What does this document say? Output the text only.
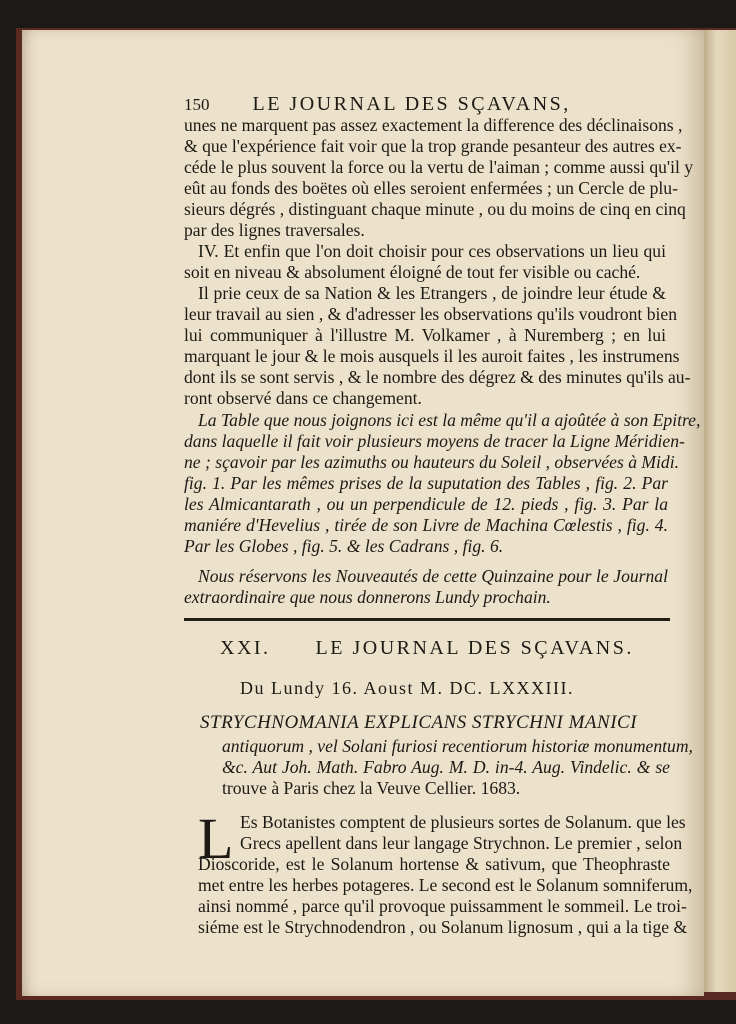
150 LE JOURNAL DES SÇAVANS,
unes ne marquent pas assez exactement la difference des déclinaisons ,
& que l'expérience fait voir que la trop grande pesanteur des autres ex-
céde le plus souvent la force ou la vertu de l'aiman ; comme aussi qu'il y
eût au fonds des boëtes où elles seroient enfermées ; un Cercle de plu-
sieurs dégrés , distinguant chaque minute , ou du moins de cinq en cinq
par des lignes traversales.
IV. Et enfin que l'on doit choisir pour ces observations un lieu qui
soit en niveau & absolument éloigné de tout fer visible ou caché.
Il prie ceux de sa Nation & les Etrangers , de joindre leur étude &
leur travail au sien , & d'adresser les observations qu'ils voudront bien
lui communiquer à l'illustre M. Volkamer , à Nuremberg ; en lui
marquant le jour & le mois ausquels il les auroit faites , les instrumens
dont ils se sont servis , & le nombre des dégrez & des minutes qu'ils au-
ront observé dans ce changement.
La Table que nous joignons ici est la même qu'il a ajoûtée à son Epitre,
dans laquelle il fait voir plusieurs moyens de tracer la Ligne Méridien-
ne ; sçavoir par les azimuths ou hauteurs du Soleil , observées à Midi.
fig. 1. Par les mêmes prises de la suputation des Tables , fig. 2. Par
les Almicantarath , ou un perpendicule de 12. pieds , fig. 3. Par la
maniére d'Hevelius , tirée de son Livre de Machina Cœlestis , fig. 4.
Par les Globes , fig. 5. & les Cadrans , fig. 6.
Nous réservons les Nouveautés de cette Quinzaine pour le Journal
extraordinaire que nous donnerons Lundy prochain.
XXI. LE JOURNAL DES SÇAVANS.
Du Lundy 16. Aoust M. DC. LXXXIII.
STRYCHNOMANIA EXPLICANS STRYCHNI MANICI
antiquorum , vel Solani furiosi recentiorum historiæ monumentum,
&c. Aut Joh. Math. Fabro Aug. M. D. in-4. Aug. Vindelic. & se
trouve à Paris chez la Veuve Cellier. 1683.
L Es Botanistes comptent de plusieurs sortes de Solanum. que les
Grecs apellent dans leur langage Strychnon. Le premier , selon
Dioscoride, est le Solanum hortense & sativum, que Theophraste
met entre les herbes potageres. Le second est le Solanum somniferum,
ainsi nommé , parce qu'il provoque puissamment le sommeil. Le troi-
siéme est le Strychnodendron , ou Solanum lignosum , qui a la tige &
